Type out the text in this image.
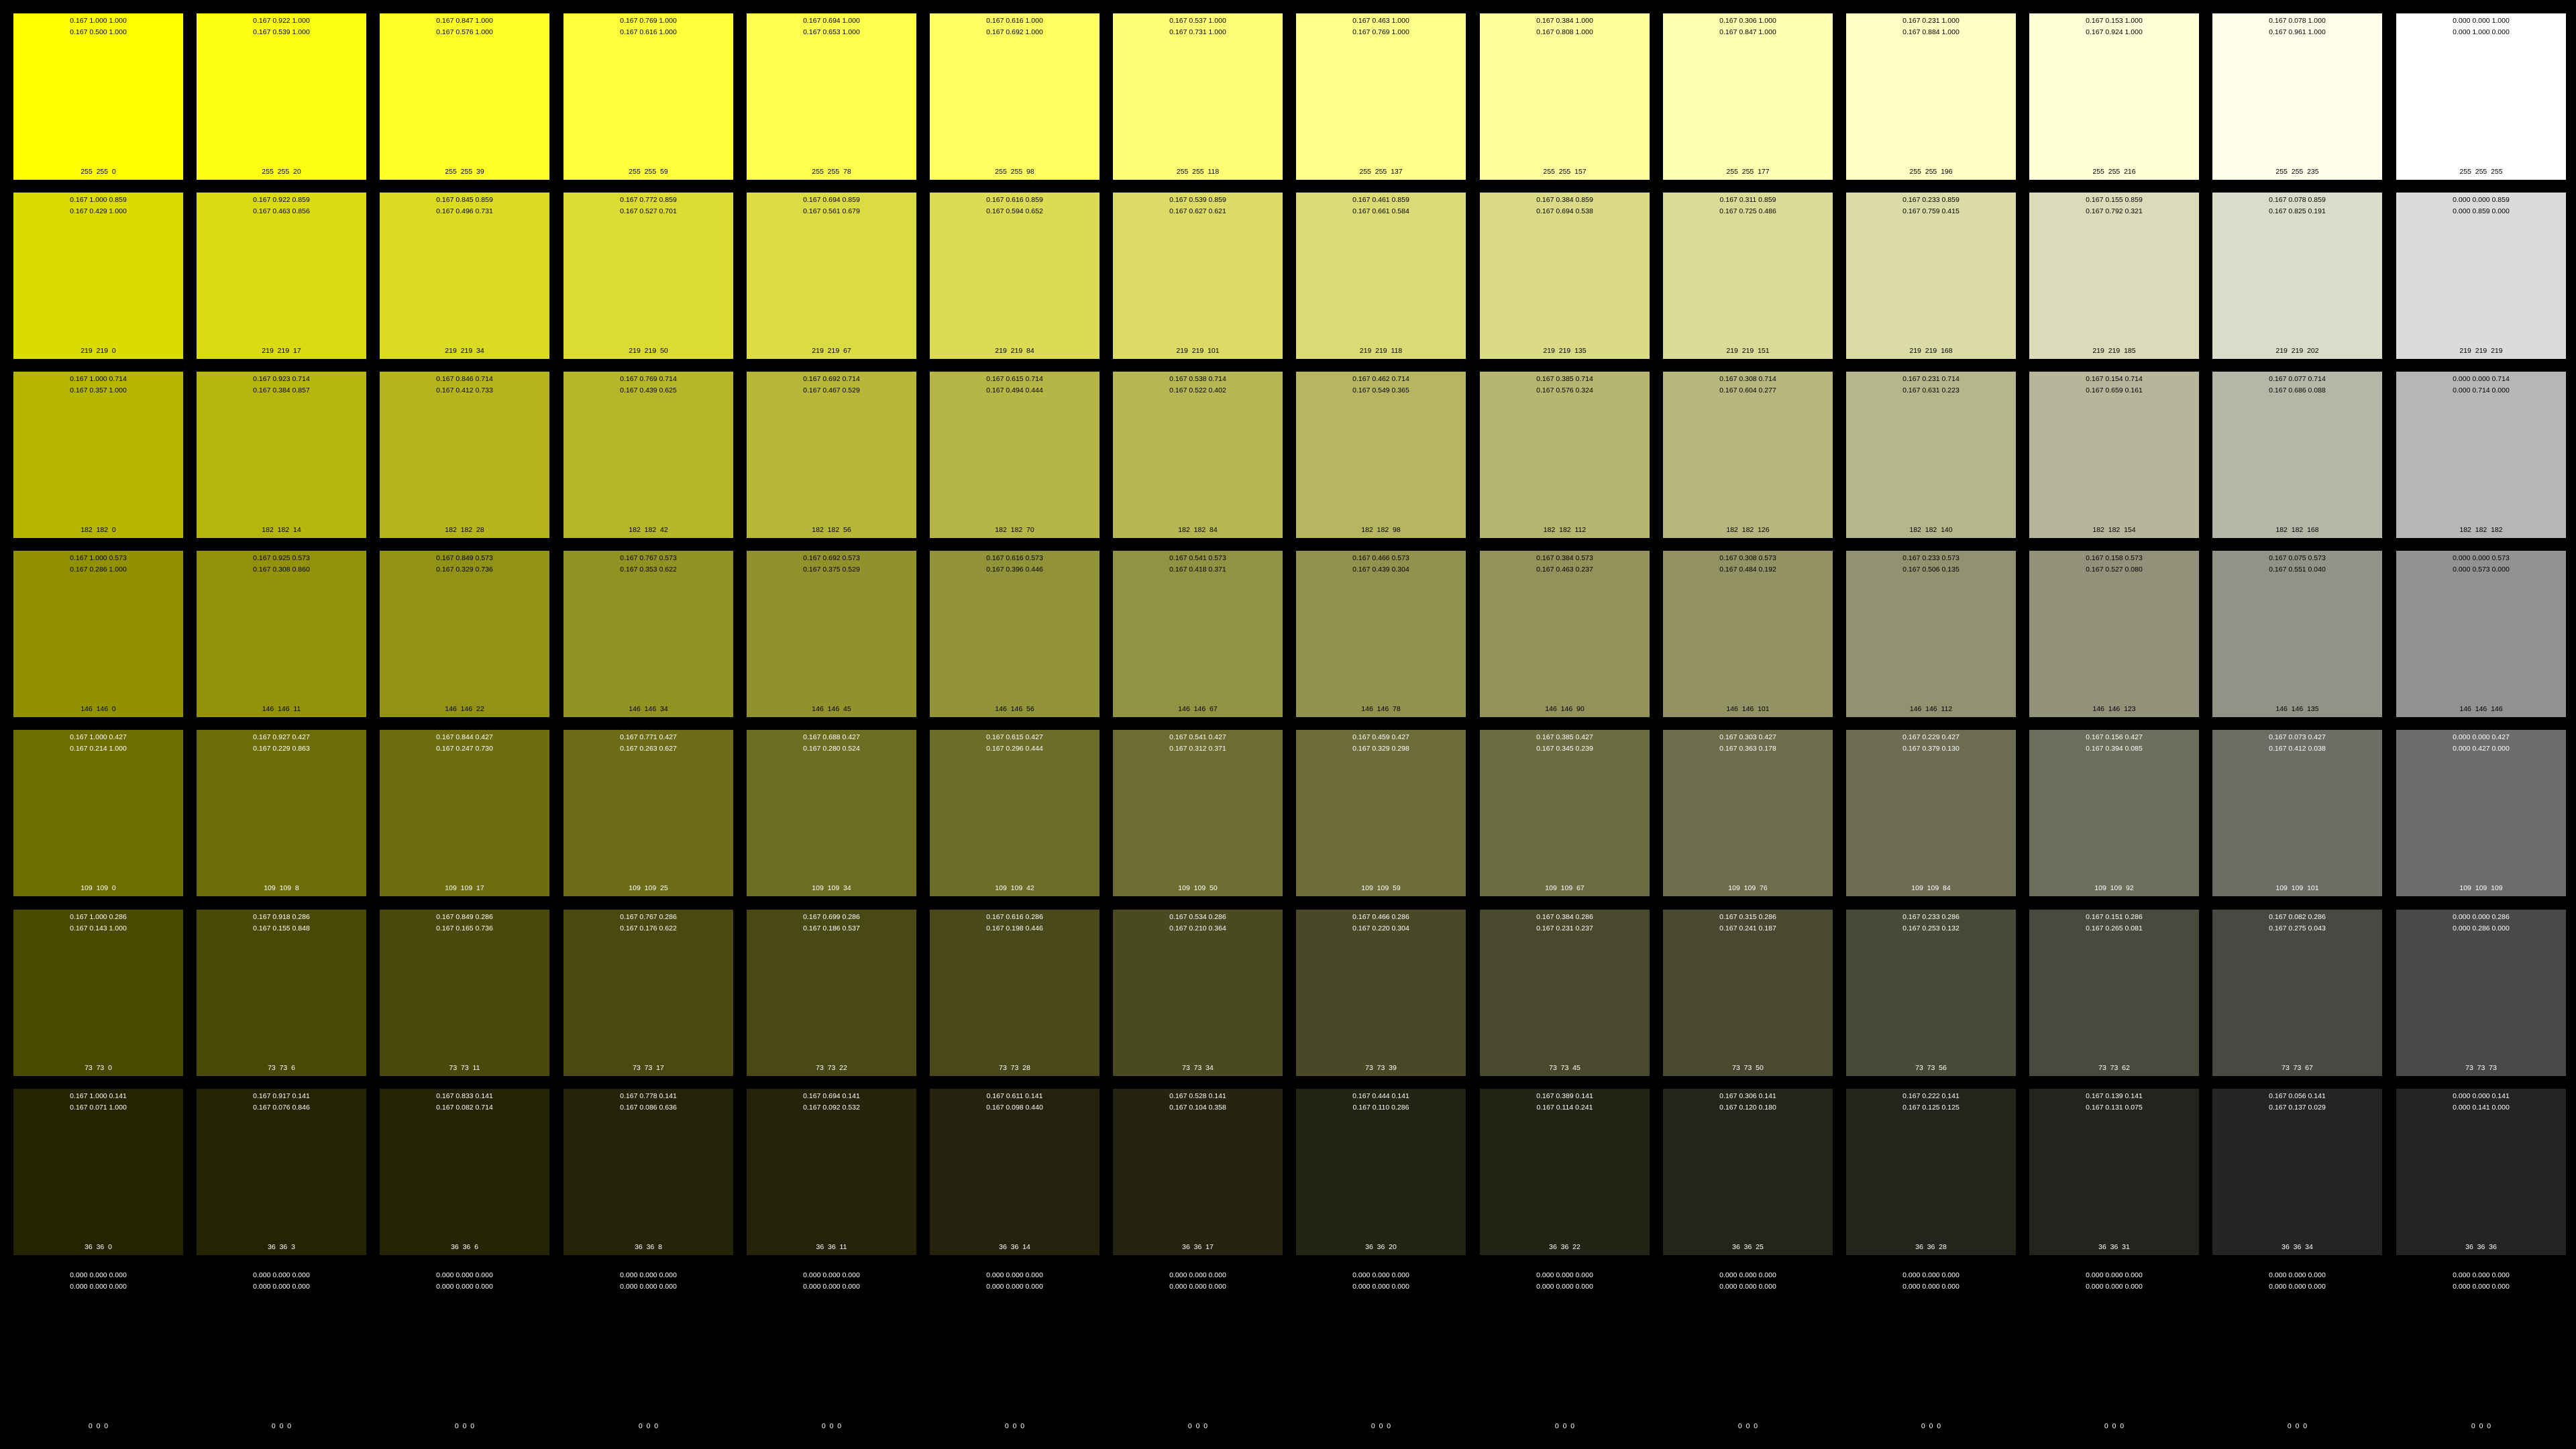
0.167 1.000 1.000
0.167 0.500 1.000
255  255  0
0.167 0.922 1.000
0.167 0.539 1.000
255  255  20
0.167 0.847 1.000
0.167 0.576 1.000
255  255  39
0.167 0.769 1.000
0.167 0.616 1.000
255  255  59
0.167 0.694 1.000
0.167 0.653 1.000
255  255  78
0.167 0.616 1.000
0.167 0.692 1.000
255  255  98
0.167 0.537 1.000
0.167 0.731 1.000
255  255  118
0.167 0.463 1.000
0.167 0.769 1.000
255  255  137
0.167 0.384 1.000
0.167 0.808 1.000
255  255  157
0.167 0.306 1.000
0.167 0.847 1.000
255  255  177
0.167 0.231 1.000
0.167 0.884 1.000
255  255  196
0.167 0.153 1.000
0.167 0.924 1.000
255  255  216
0.167 0.078 1.000
0.167 0.961 1.000
255  255  235
0.000 0.000 1.000
0.000 1.000 0.000
255  255  255
0.167 1.000 0.859
0.167 0.429 1.000
219  219  0
0.167 0.922 0.859
0.167 0.463 0.856
219  219  17
0.167 0.845 0.859
0.167 0.496 0.731
219  219  34
0.167 0.772 0.859
0.167 0.527 0.701
219  219  50
0.167 0.694 0.859
0.167 0.561 0.679
219  219  67
0.167 0.616 0.859
0.167 0.594 0.652
219  219  84
0.167 0.539 0.859
0.167 0.627 0.621
219  219  101
0.167 0.461 0.859
0.167 0.661 0.584
219  219  118
0.167 0.384 0.859
0.167 0.694 0.538
219  219  135
0.167 0.311 0.859
0.167 0.725 0.486
219  219  151
0.167 0.233 0.859
0.167 0.759 0.415
219  219  168
0.167 0.155 0.859
0.167 0.792 0.321
219  219  185
0.167 0.078 0.859
0.167 0.825 0.191
219  219  202
0.000 0.000 0.859
0.000 0.859 0.000
219  219  219
0.167 1.000 0.714
0.167 0.357 1.000
182  182  0
0.167 0.923 0.714
0.167 0.384 0.857
182  182  14
0.167 0.846 0.714
0.167 0.412 0.733
182  182  28
0.167 0.769 0.714
0.167 0.439 0.625
182  182  42
0.167 0.692 0.714
0.167 0.467 0.529
182  182  56
0.167 0.615 0.714
0.167 0.494 0.444
182  182  70
0.167 0.538 0.714
0.167 0.522 0.402
182  182  84
0.167 0.462 0.714
0.167 0.549 0.365
182  182  98
0.167 0.385 0.714
0.167 0.576 0.324
182  182  112
0.167 0.308 0.714
0.167 0.604 0.277
182  182  126
0.167 0.231 0.714
0.167 0.631 0.223
182  182  140
0.167 0.154 0.714
0.167 0.659 0.161
182  182  154
0.167 0.077 0.714
0.167 0.686 0.088
182  182  168
0.000 0.000 0.714
0.000 0.714 0.000
182  182  182
0.167 1.000 0.573
0.167 0.286 1.000
146  146  0
0.167 0.925 0.573
0.167 0.308 0.860
146  146  11
0.167 0.849 0.573
0.167 0.329 0.736
146  146  22
0.167 0.767 0.573
0.167 0.353 0.622
146  146  34
0.167 0.692 0.573
0.167 0.375 0.529
146  146  45
0.167 0.616 0.573
0.167 0.396 0.446
146  146  56
0.167 0.541 0.573
0.167 0.418 0.371
146  146  67
0.167 0.466 0.573
0.167 0.439 0.304
146  146  78
0.167 0.384 0.573
0.167 0.463 0.237
146  146  90
0.167 0.308 0.573
0.167 0.484 0.192
146  146  101
0.167 0.233 0.573
0.167 0.506 0.135
146  146  112
0.167 0.158 0.573
0.167 0.527 0.080
146  146  123
0.167 0.075 0.573
0.167 0.551 0.040
146  146  135
0.000 0.000 0.573
0.000 0.573 0.000
146  146  146
0.167 1.000 0.427
0.167 0.214 1.000
109  109  0
0.167 0.927 0.427
0.167 0.229 0.863
109  109  8
0.167 0.844 0.427
0.167 0.247 0.730
109  109  17
0.167 0.771 0.427
0.167 0.263 0.627
109  109  25
0.167 0.688 0.427
0.167 0.280 0.524
109  109  34
0.167 0.615 0.427
0.167 0.296 0.444
109  109  42
0.167 0.541 0.427
0.167 0.312 0.371
109  109  50
0.167 0.459 0.427
0.167 0.329 0.298
109  109  59
0.167 0.385 0.427
0.167 0.345 0.239
109  109  67
0.167 0.303 0.427
0.167 0.363 0.178
109  109  76
0.167 0.229 0.427
0.167 0.379 0.130
109  109  84
0.167 0.156 0.427
0.167 0.394 0.085
109  109  92
0.167 0.073 0.427
0.167 0.412 0.038
109  109  101
0.000 0.000 0.427
0.000 0.427 0.000
109  109  109
0.167 1.000 0.286
0.167 0.143 1.000
73  73  0
0.167 0.918 0.286
0.167 0.155 0.848
73  73  6
0.167 0.849 0.286
0.167 0.165 0.736
73  73  11
0.167 0.767 0.286
0.167 0.176 0.622
73  73  17
0.167 0.699 0.286
0.167 0.186 0.537
73  73  22
0.167 0.616 0.286
0.167 0.198 0.446
73  73  28
0.167 0.534 0.286
0.167 0.210 0.364
73  73  34
0.167 0.466 0.286
0.167 0.220 0.304
73  73  39
0.167 0.384 0.286
0.167 0.231 0.237
73  73  45
0.167 0.315 0.286
0.167 0.241 0.187
73  73  50
0.167 0.233 0.286
0.167 0.253 0.132
73  73  56
0.167 0.151 0.286
0.167 0.265 0.081
73  73  62
0.167 0.082 0.286
0.167 0.275 0.043
73  73  67
0.000 0.000 0.286
0.000 0.286 0.000
73  73  73
0.167 1.000 0.141
0.167 0.071 1.000
36  36  0
0.167 0.917 0.141
0.167 0.076 0.846
36  36  3
0.167 0.833 0.141
0.167 0.082 0.714
36  36  6
0.167 0.778 0.141
0.167 0.086 0.636
36  36  8
0.167 0.694 0.141
0.167 0.092 0.532
36  36  11
0.167 0.611 0.141
0.167 0.098 0.440
36  36  14
0.167 0.528 0.141
0.167 0.104 0.358
36  36  17
0.167 0.444 0.141
0.167 0.110 0.286
36  36  20
0.167 0.389 0.141
0.167 0.114 0.241
36  36  22
0.167 0.306 0.141
0.167 0.120 0.180
36  36  25
0.167 0.222 0.141
0.167 0.125 0.125
36  36  28
0.167 0.139 0.141
0.167 0.131 0.075
36  36  31
0.167 0.056 0.141
0.167 0.137 0.029
36  36  34
0.000 0.000 0.141
0.000 0.141 0.000
36  36  36
0.000 0.000 0.000
0.000 0.000 0.000
0  0  0
0.000 0.000 0.000
0.000 0.000 0.000
0  0  0
0.000 0.000 0.000
0.000 0.000 0.000
0  0  0
0.000 0.000 0.000
0.000 0.000 0.000
0  0  0
0.000 0.000 0.000
0.000 0.000 0.000
0  0  0
0.000 0.000 0.000
0.000 0.000 0.000
0  0  0
0.000 0.000 0.000
0.000 0.000 0.000
0  0  0
0.000 0.000 0.000
0.000 0.000 0.000
0  0  0
0.000 0.000 0.000
0.000 0.000 0.000
0  0  0
0.000 0.000 0.000
0.000 0.000 0.000
0  0  0
0.000 0.000 0.000
0.000 0.000 0.000
0  0  0
0.000 0.000 0.000
0.000 0.000 0.000
0  0  0
0.000 0.000 0.000
0.000 0.000 0.000
0  0  0
0.000 0.000 0.000
0.000 0.000 0.000
0  0  0
